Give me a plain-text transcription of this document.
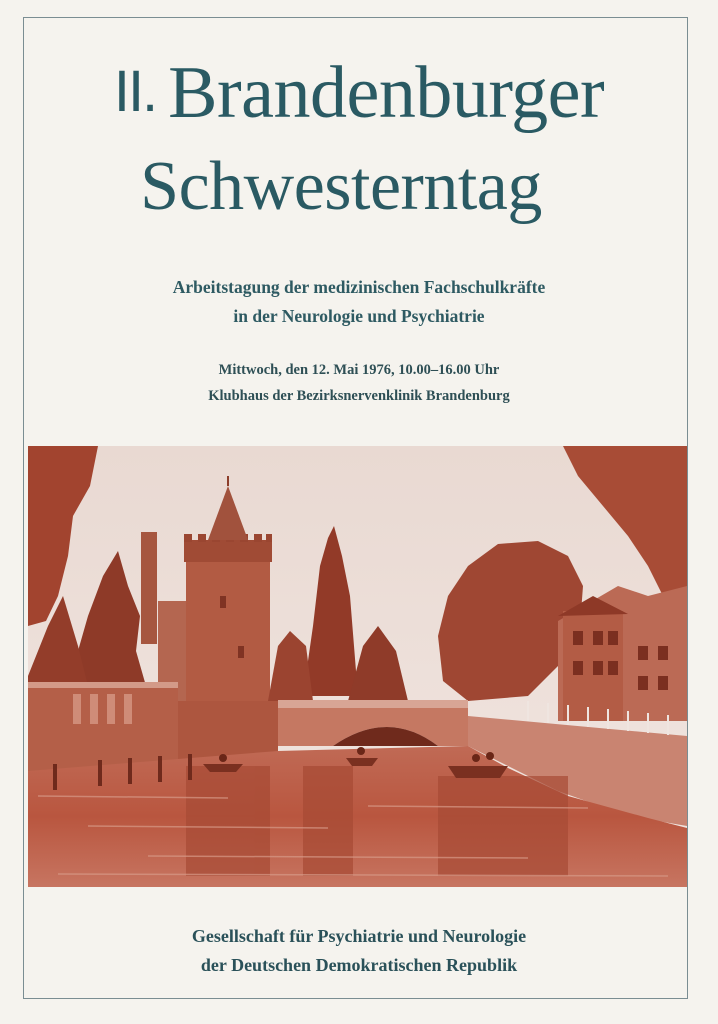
II. Brandenburger
Schwesterntag
Arbeitstagung der medizinischen Fachschulkräfte
in der Neurologie und Psychiatrie
Mittwoch, den 12. Mai 1976, 10.00–16.00 Uhr
Klubhaus der Bezirksnervenklinik Brandenburg
Gesellschaft für Psychiatrie und Neurologie
der Deutschen Demokratischen Republik
